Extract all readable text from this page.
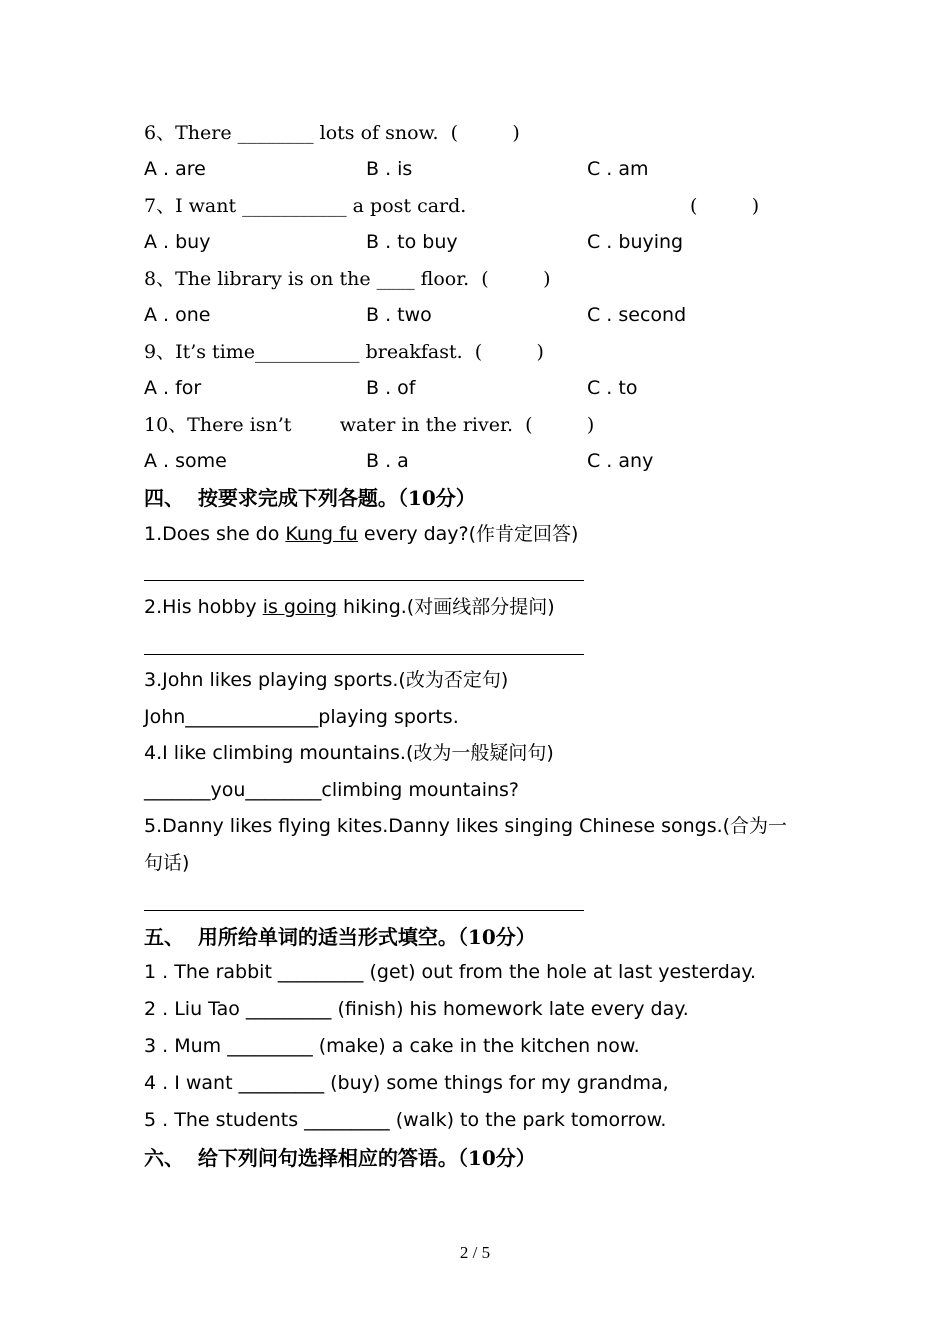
6、There ________ lots of snow.  (         )
A . are	B . is	C . am
7、I want ___________ a post card.	(         )
A . buy	B . to buy	C . buying
8、The library is on the ____ floor.  (         )
A . one	B . two	C . second
9、It’s time___________ breakfast.  (         )
A . for	B . of	C . to
10、There isn’t        water in the river.  (         )
A . some	B . a	C . any
四、  按要求完成下列各题。（10分）
1.Does she do Kung fu every day?(作肯定回答)
2.His hobby is going hiking.(对画线部分提问)
3.John likes playing sports.(改为否定句)
John______________playing sports.
4.I like climbing mountains.(改为一般疑问句)
_______you________climbing mountains?
5.Danny likes flying kites.Danny likes singing Chinese songs.(合为一
句话)
五、  用所给单词的适当形式填空。（10分）
1 . The rabbit _________ (get) out from the hole at last yesterday.
2 . Liu Tao _________ (finish) his homework late every day.
3 . Mum _________ (make) a cake in the kitchen now.
4 . I want _________ (buy) some things for my grandma,
5 . The students _________ (walk) to the park tomorrow.
六、  给下列问句选择相应的答语。（10分）
2 / 5
